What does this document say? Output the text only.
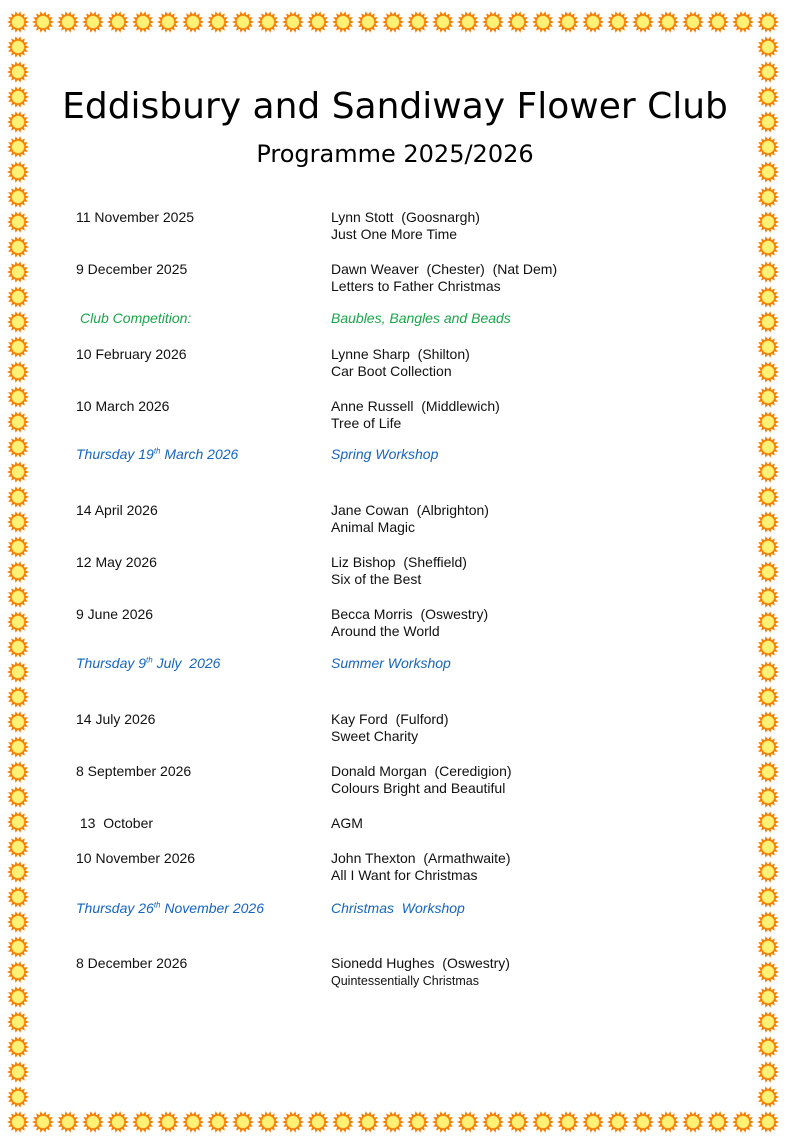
Eddisbury and Sandiway Flower Club
Programme 2025/2026
11 November 2025	Lynn Stott  (Goosnargh)
Just One More Time
9 December 2025	Dawn Weaver  (Chester)  (Nat Dem)
Letters to Father Christmas
Club Competition:	Baubles, Bangles and Beads
10 February 2026	Lynne Sharp  (Shilton)
Car Boot Collection
10 March 2026	Anne Russell  (Middlewich)
Tree of Life
Thursday 19th March 2026	Spring Workshop
14 April 2026	Jane Cowan  (Albrighton)
Animal Magic
12 May 2026	Liz Bishop  (Sheffield)
Six of the Best
9 June 2026	Becca Morris  (Oswestry)
Around the World
Thursday 9th July  2026	Summer Workshop
14 July 2026	Kay Ford  (Fulford)
Sweet Charity
8 September 2026	Donald Morgan  (Ceredigion)
Colours Bright and Beautiful
13  October	AGM
10 November 2026	John Thexton  (Armathwaite)
All I Want for Christmas
Thursday 26th November 2026	Christmas  Workshop
8 December 2026	Sionedd Hughes  (Oswestry)
Quintessentially Christmas
